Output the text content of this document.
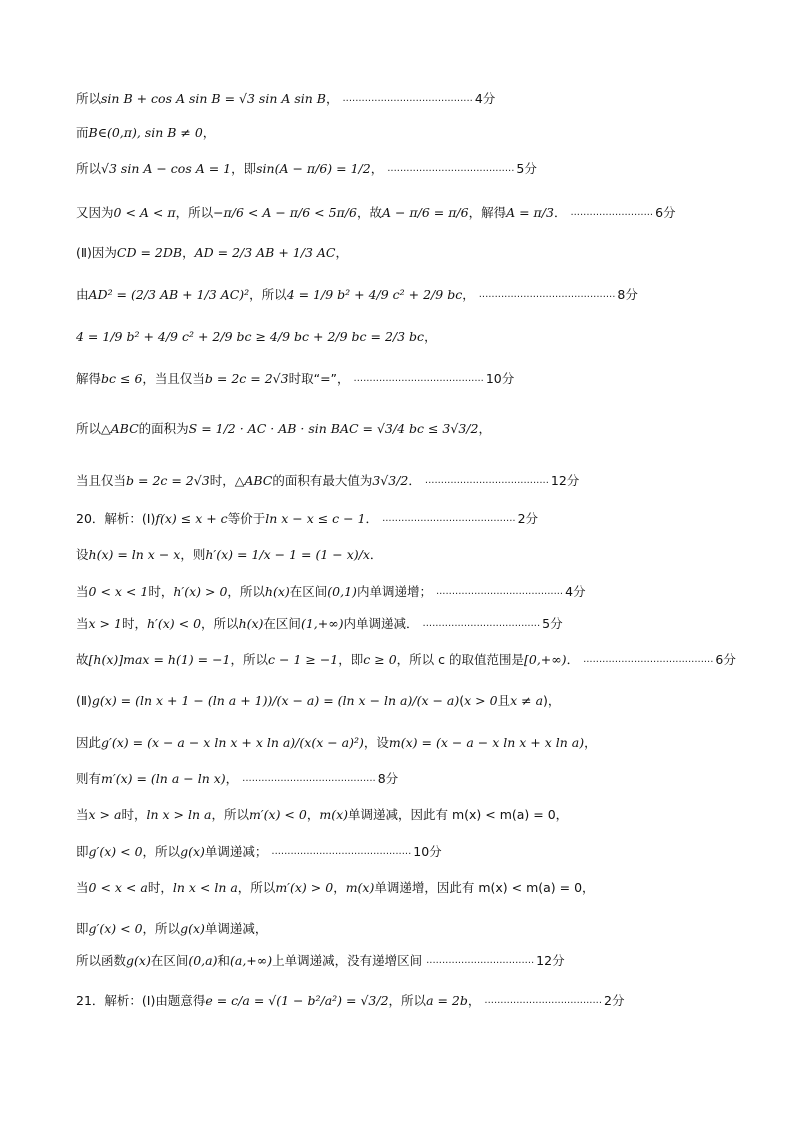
所以 sin B + cos A sin B = √3 sin A sin B ， ......................................... 4分
而 B∈(0,π), sin B ≠ 0 ，
所以 √3 sin A − cos A = 1 ，即 sin(A − π/6) = 1/2 ， ........................................ 5分
又因为 0 < A < π ，所以 −π/6 < A − π/6 < 5π/6 ，故 A − π/6 = π/6 ，解得 A = π/3 ． .......................... 6分
(Ⅱ)因为 CD = 2DB ， AD = 2/3 AB + 1/3 AC ，
由 AD² = (2/3 AB + 1/3 AC)² ，所以 4 = 1/9 b² + 4/9 c² + 2/9 bc ， ........................................... 8分
4 = 1/9 b² + 4/9 c² + 2/9 bc ≥ 4/9 bc + 2/9 bc = 2/3 bc ，
解得 bc ≤ 6 ，当且仅当 b = 2c = 2√3 时取“=”， ......................................... 10分
所以 △ABC 的面积为 S = 1/2 · AC · AB · sin BAC = √3/4 bc ≤ 3√3/2 ，
当且仅当 b = 2c = 2√3 时， △ABC 的面积有最大值为 3√3/2 ． ....................................... 12分
20．解析：(Ⅰ) f(x) ≤ x + c 等价于 ln x − x ≤ c − 1 ． .......................................... 2分
设 h(x) = ln x − x ，则 h′(x) = 1/x − 1 = (1 − x)/x ．
当 0 < x < 1 时， h′(x) > 0 ，所以 h(x) 在区间 (0,1) 内单调递增； ........................................ 4分
当 x > 1 时， h′(x) < 0 ，所以 h(x) 在区间 (1,+∞) 内单调递减． ..................................... 5分
故 [h(x)]max = h(1) = −1 ，所以 c − 1 ≥ −1 ，即 c ≥ 0 ，所以 c 的取值范围是 [0,+∞) ． ......................................... 6分
(Ⅱ) g(x) = (ln x + 1 − (ln a + 1))/(x − a) = (ln x − ln a)/(x − a) ( x > 0 且 x ≠ a )，
因此 g′(x) = (x − a − x ln x + x ln a)/(x(x − a)²) ，设 m(x) = (x − a − x ln x + x ln a) ，
则有 m′(x) = (ln a − ln x) ， .......................................... 8分
当 x > a 时， ln x > ln a ，所以 m′(x) < 0 ， m(x) 单调递减，因此有 m(x) < m(a) = 0，
即 g′(x) < 0 ，所以 g(x) 单调递减； ............................................ 10分
当 0 < x < a 时， ln x < ln a ，所以 m′(x) > 0 ， m(x) 单调递增，因此有 m(x) < m(a) = 0，
即 g′(x) < 0 ，所以 g(x) 单调递减，
所以函数 g(x) 在区间 (0,a) 和 (a,+∞) 上单调递减，没有递增区间 .................................. 12分
21．解析：(Ⅰ)由题意得 e = c/a = √(1 − b²/a²) = √3/2 ，所以 a = 2b ， ..................................... 2分
